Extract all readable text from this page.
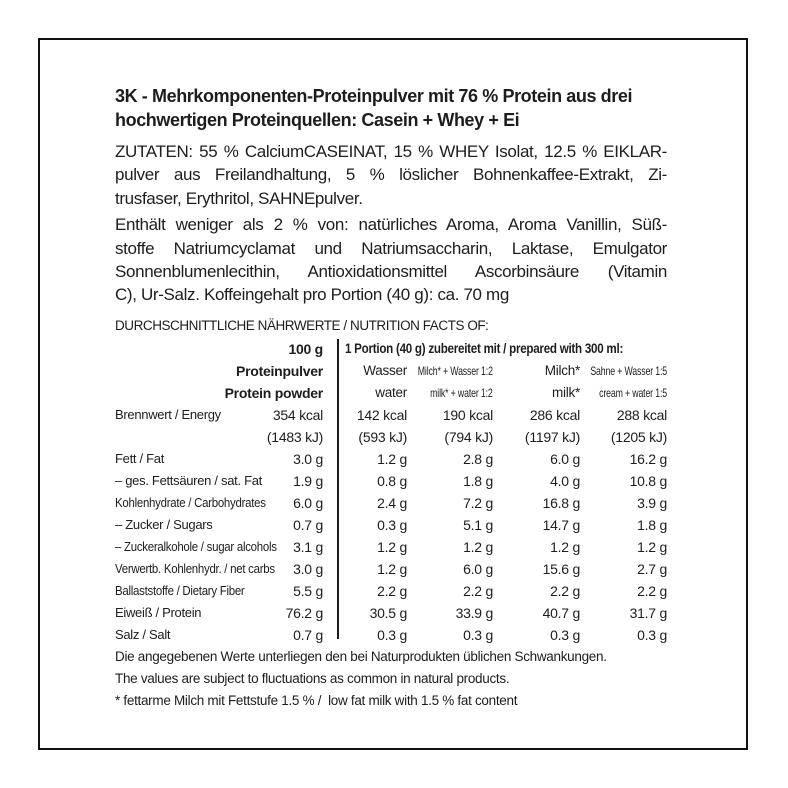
3K - Mehrkomponenten-Proteinpulver mit 76 % Protein aus drei
hochwertigen Proteinquellen: Casein + Whey + Ei
ZUTATEN: 55 % CalciumCASEINAT, 15 % WHEY Isolat, 12.5 % EIKLAR-
pulver aus Freilandhaltung, 5 % löslicher Bohnenkaffee-Extrakt, Zi-
trusfaser, Erythritol, SAHNEpulver.
Enthält weniger als 2 % von: natürliches Aroma, Aroma Vanillin, Süß-
stoffe Natriumcyclamat und Natriumsaccharin, Laktase, Emulgator
Sonnenblumenlecithin, Antioxidationsmittel Ascorbinsäure (Vitamin
C), Ur-Salz. Koffeingehalt pro Portion (40 g): ca. 70 mg
DURCHSCHNITTLICHE NÄHRWERTE / NUTRITION FACTS OF:
100 g 1 Portion (40 g) zubereitet mit / prepared with 300 ml:
Proteinpulver	Wasser Milch* + Wasser 1:2	Milch* Sahne + Wasser 1:5
Protein powder	water	milk* + water 1:2	milk*	cream + water 1:5
Brennwert / Energy	354 kcal 142 kcal	190 kcal	286 kcal	288 kcal
(1483 kJ)	(593 kJ)	(794 kJ) (1197 kJ) (1205 kJ)
Fett / Fat	3.0 g	1.2 g	2.8 g	6.0 g	16.2 g
– ges. Fettsäuren / sat. Fat 1.9 g	0.8 g	1.8 g	4.0 g	10.8 g
Kohlenhydrate / Carbohydrates 6.0 g	2.4 g	7.2 g	16.8 g	3.9 g
– Zucker / Sugars	0.7 g	0.3 g	5.1 g	14.7 g	1.8 g
– Zuckeralkohole / sugar alcohols 3.1 g	1.2 g	1.2 g	1.2 g	1.2 g
Verwertb. Kohlenhydr. / net carbs 3.0 g	1.2 g	6.0 g	15.6 g	2.7 g
Ballaststoffe / Dietary Fiber	5.5 g	2.2 g	2.2 g	2.2 g	2.2 g
Eiweiß / Protein	76.2 g	30.5 g	33.9 g	40.7 g	31.7 g
Salz / Salt	0.7 g	0.3 g	0.3 g	0.3 g	0.3 g
Die angegebenen Werte unterliegen den bei Naturprodukten üblichen Schwankungen.
The values are subject to fluctuations as common in natural products.
* fettarme Milch mit Fettstufe 1.5 % /  low fat milk with 1.5 % fat content
